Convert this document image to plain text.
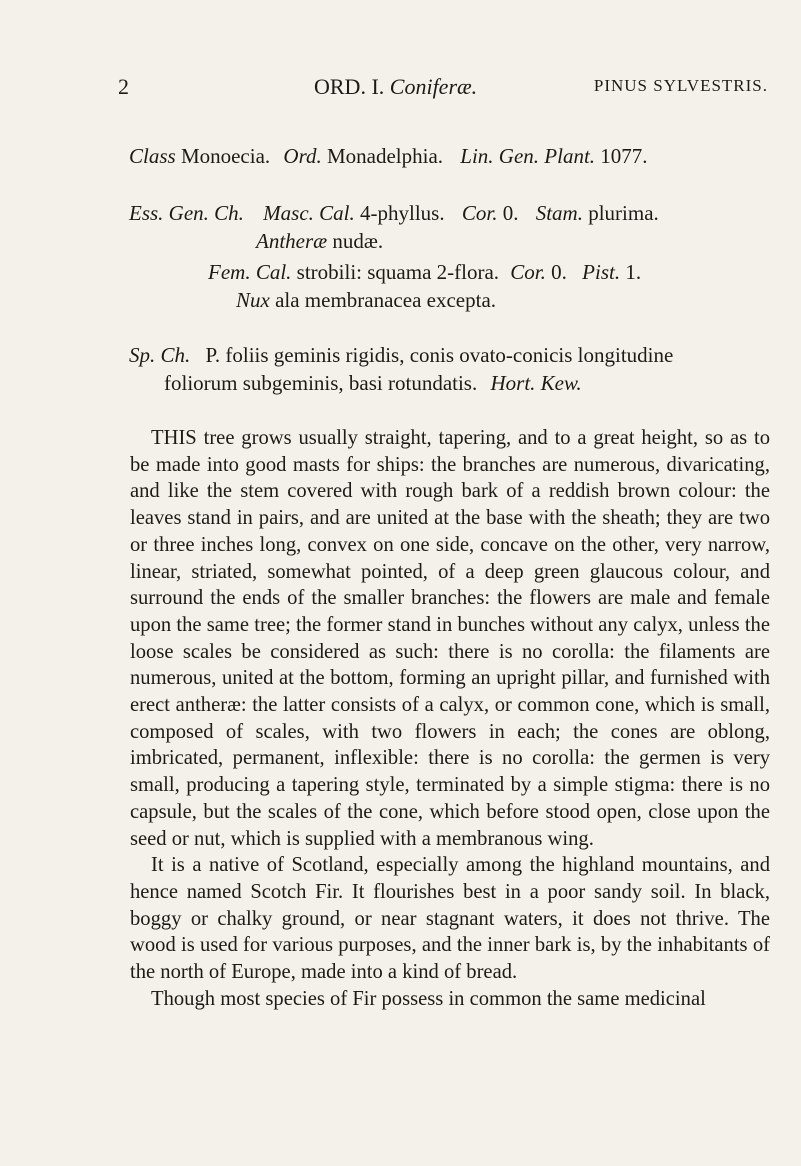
2	ORD. I. Coniferæ.	PINUS SYLVESTRIS.
Class Monoecia. Ord. Monadelphia. Lin. Gen. Plant. 1077.
Ess. Gen. Ch. Masc. Cal. 4-phyllus. Cor. 0. Stam. plurima.
Antheræ nudæ.
Fem. Cal. strobili: squama 2-flora. Cor. 0. Pist. 1.
Nux ala membranacea excepta.
Sp. Ch. P. foliis geminis rigidis, conis ovato-conicis longitudine
foliorum subgeminis, basi rotundatis. Hort. Kew.

THIS tree grows usually straight, tapering, and to a great height, so as to be made into good masts for ships: the branches are numerous, divaricating, and like the stem covered with rough bark of a reddish brown colour: the leaves stand in pairs, and are united at the base with the sheath; they are two or three inches long, convex on one side, concave on the other, very narrow, linear, striated, somewhat pointed, of a deep green glaucous colour, and surround the ends of the smaller branches: the flowers are male and female upon the same tree; the former stand in bunches without any calyx, unless the loose scales be considered as such: there is no corolla: the filaments are numerous, united at the bottom, forming an upright pillar, and furnished with erect antheræ: the latter consists of a calyx, or common cone, which is small, composed of scales, with two flowers in each; the cones are oblong, imbricated, permanent, inflexible: there is no corolla: the germen is very small, producing a tapering style, terminated by a simple stigma: there is no capsule, but the scales of the cone, which before stood open, close upon the seed or nut, which is supplied with a membranous wing.

It is a native of Scotland, especially among the highland mountains, and hence named Scotch Fir. It flourishes best in a poor sandy soil. In black, boggy or chalky ground, or near stagnant waters, it does not thrive. The wood is used for various purposes, and the inner bark is, by the inhabitants of the north of Europe, made into a kind of bread.

Though most species of Fir possess in common the same medicinal
